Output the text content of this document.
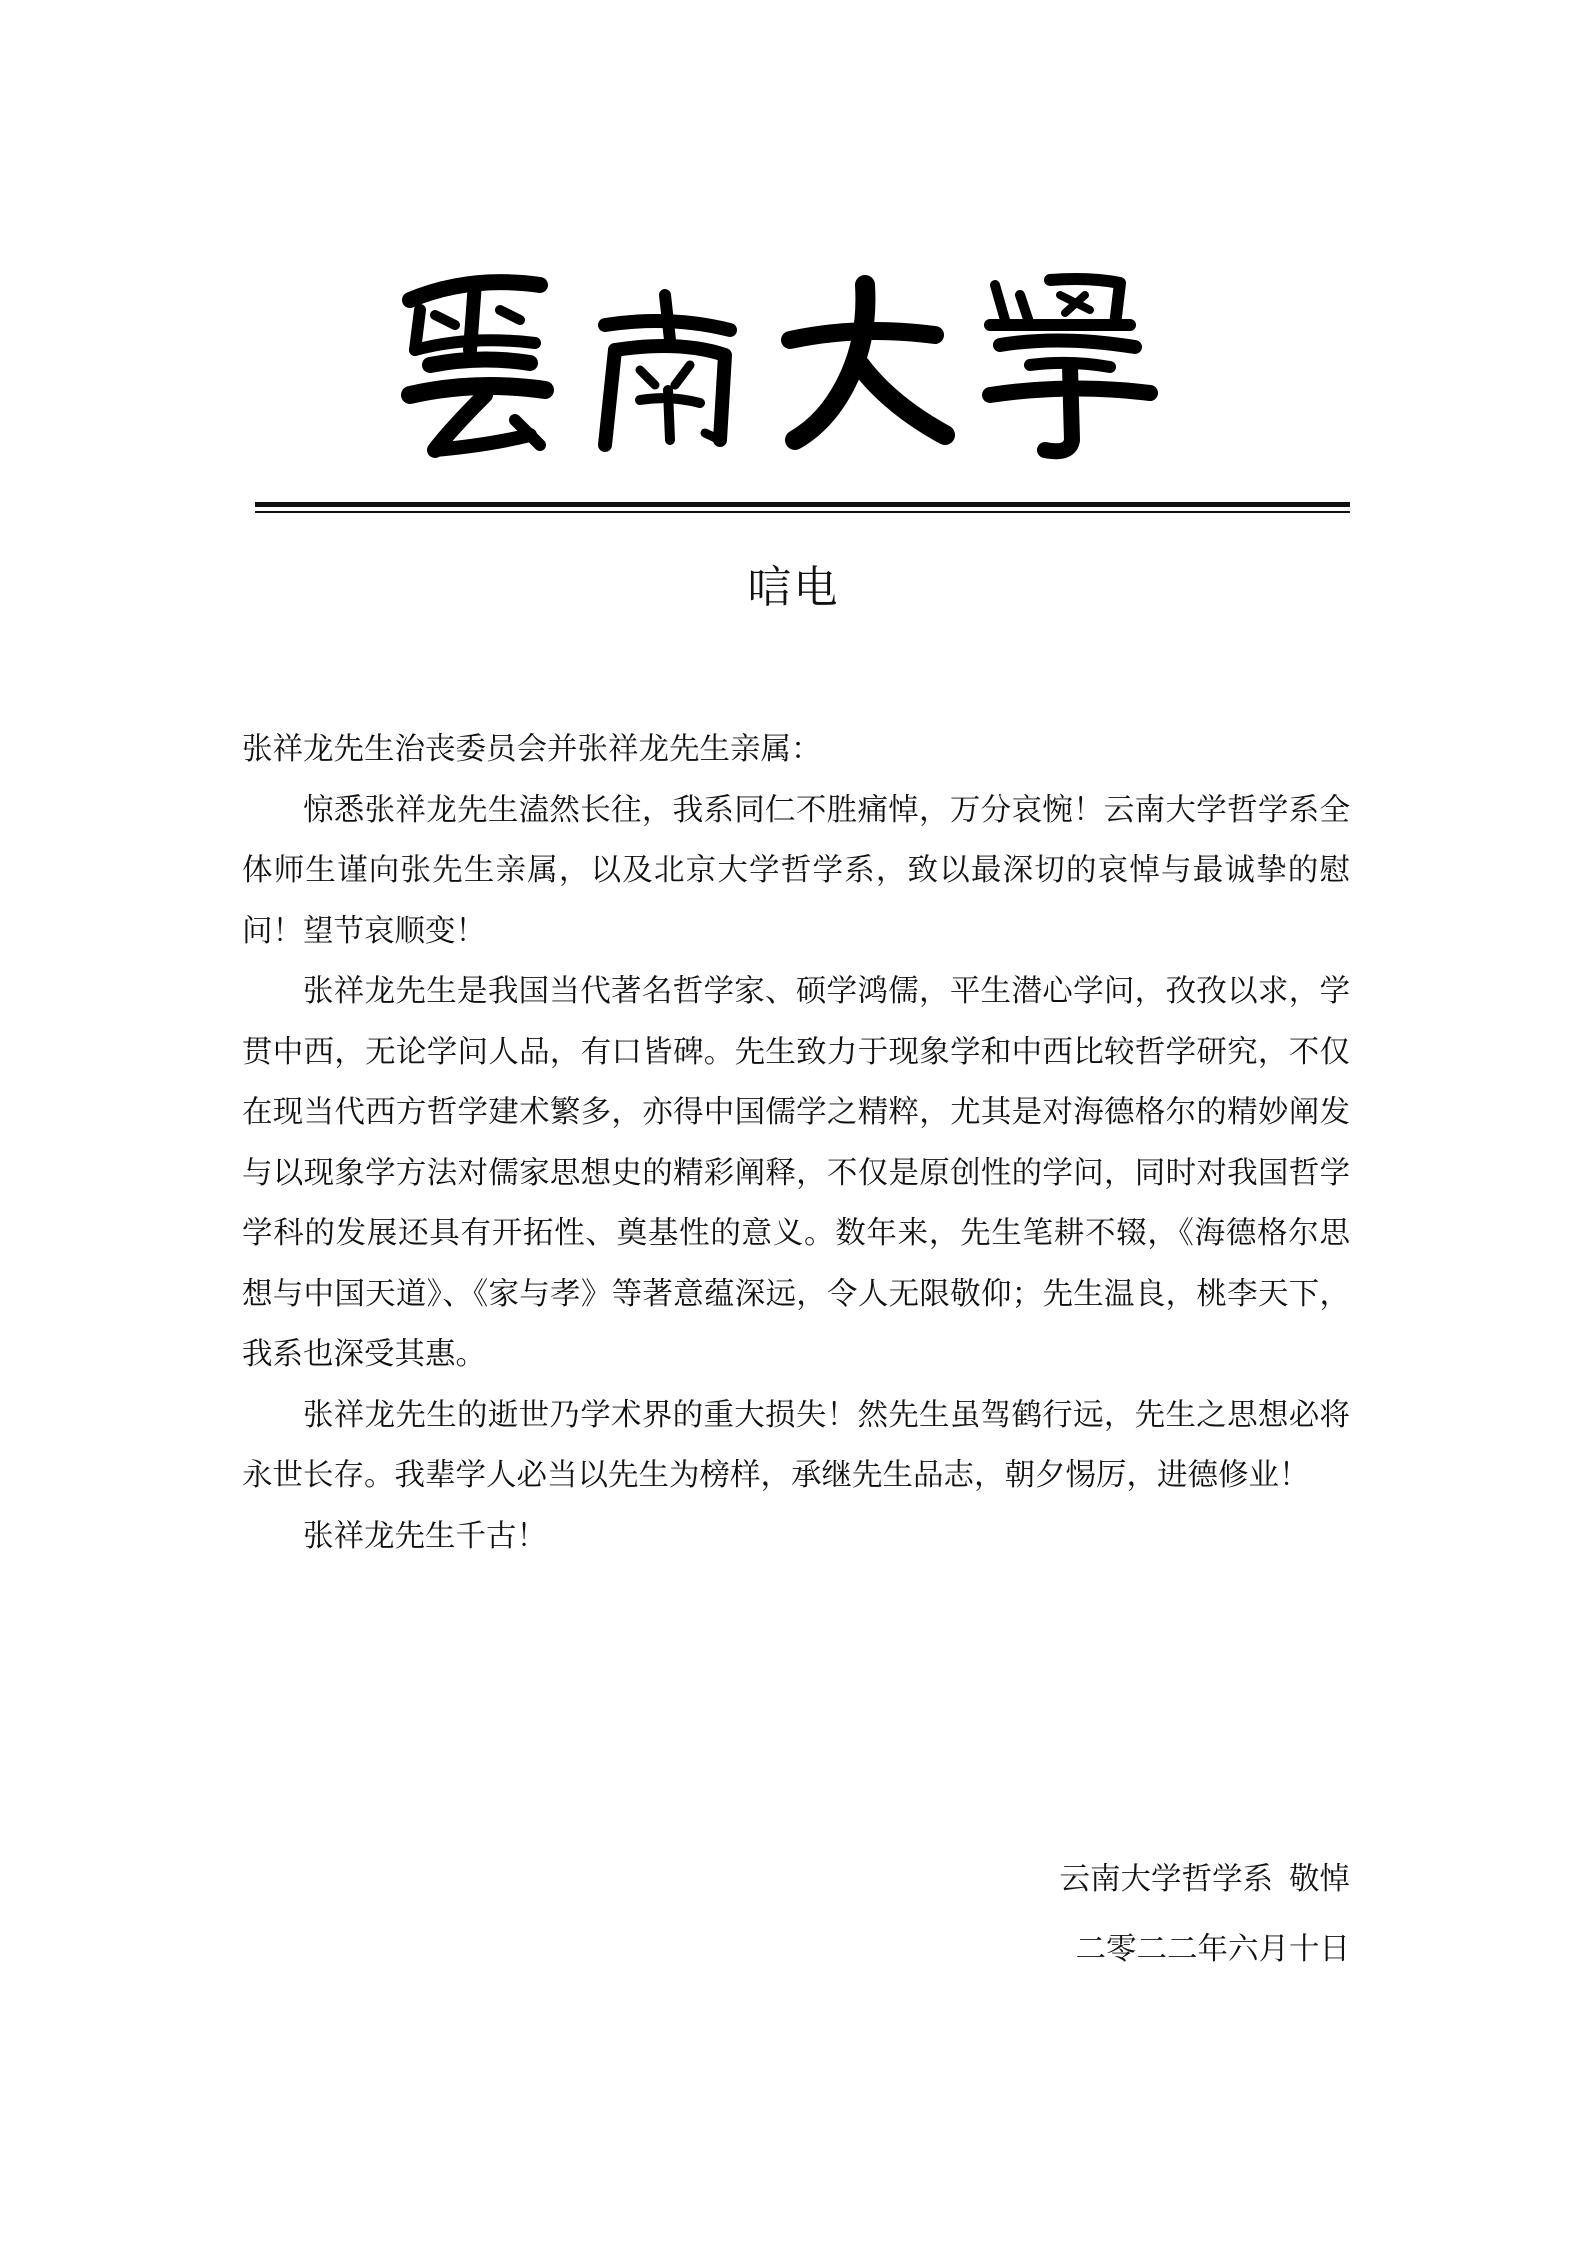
唁电

张祥龙先生治丧委员会并张祥龙先生亲属：

惊悉张祥龙先生溘然长往，我系同仁不胜痛悼，万分哀惋！云南大学哲学系全体师生谨向张先生亲属，以及北京大学哲学系，致以最深切的哀悼与最诚挚的慰问！望节哀顺变！

张祥龙先生是我国当代著名哲学家、硕学鸿儒，平生潜心学问，孜孜以求，学贯中西，无论学问人品，有口皆碑。先生致力于现象学和中西比较哲学研究，不仅在现当代西方哲学建术繁多，亦得中国儒学之精粹，尤其是对海德格尔的精妙阐发与以现象学方法对儒家思想史的精彩阐释，不仅是原创性的学问，同时对我国哲学学科的发展还具有开拓性、奠基性的意义。数年来，先生笔耕不辍，《海德格尔思想与中国天道》、《家与孝》等著意蕴深远，令人无限敬仰；先生温良，桃李天下，我系也深受其惠。

张祥龙先生的逝世乃学术界的重大损失！然先生虽驾鹤行远，先生之思想必将永世长存。我辈学人必当以先生为榜样，承继先生品志，朝夕惕厉，进德修业！

张祥龙先生千古！

云南大学哲学系 敬悼
二零二二年六月十日
